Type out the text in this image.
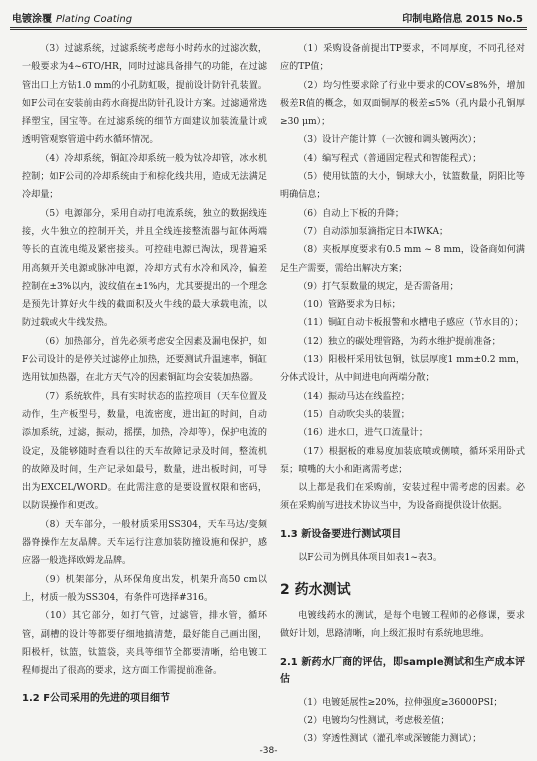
电镀涂覆 Plating Coating	印制电路信息 2015 No.5

（3）过滤系统，过滤系统考虑每小时药水的过滤次数，一般要求为4~6TO/HR，同时过滤具备排气的功能，在过滤管出口上方钻1.0 mm的小孔防虹吸，提前设计防针孔装置。如F公司在安装前由药水商提出防针孔设计方案。过滤通常选择塑宝，国宝等。在过滤系统的细节方面建议加装流量计或透明管观察管道中药水循环情况。

（4）冷却系统，铜缸冷却系统一般为钛冷却管，冰水机控制；如F公司的冷却系统由于和棕化线共用，造成无法满足冷却量；

（5）电源部分，采用自动打电流系统，独立的数据线连接，火牛独立的控制开关，并且全线连接整流器与缸体两端等长的直流电缆及紧密接头。可控硅电源已淘汰，现普遍采用高频开关电源或脉冲电源，冷却方式有水冷和风冷，偏差控制在±3%以内，波纹值在±1%内，尤其要提出的一个理念是预先计算好火牛线的截面积及火牛线的最大承载电流，以防过载或火牛线发热。

（6）加热部分，首先必须考虑安全因素及漏电保护，如F公司设计的是停关过滤停止加热，还要测试升温速率，铜缸选用钛加热器，在北方天气冷的因素铜缸均会安装加热器。

（7）系统软件，具有实时状态的监控项目（天车位置及动作，生产板型号，数量，电流密度，进出缸的时间，自动添加系统，过滤，振动，摇摆，加热，冷却等），保护电流的设定，及能够随时查看以往的天车故障记录及时间，整流机的故障及时间，生产记录如最号，数量，进出板时间，可导出为EXCEL/WORD。在此需注意的是要设置权限和密码，以防误操作和更改。

（8）天车部分，一般材质采用SS304，天车马达/变频器脊操作左友晶牌。天车运行注意加装防撞设施和保护，感应器一般选择欧姆龙品牌。

（9）机架部分，从环保角度出发，机架升高50 cm以上，材质一般为SS304，有条件可选择#316。

（10）其它部分，如打气管，过滤管，排水管，循环管，副槽的设计等都要仔细地搞清楚，最好能自己画出图，阳极杆，钛篮，钛篮袋，夹具等细节全都要清晰，给电镀工程师提出了很高的要求，这方面工作需提前准备。

1.2 F公司采用的先进的项目细节

（1）采购设备前提出TP要求，不同厚度，不同孔径对应的TP值；

（2）均匀性要求除了行业中要求的COV≤8%外，增加极差R值的概念，如双面铜厚的极差≤5%（孔内最小孔铜厚≥30 μm）；

（3）设计产能计算（一次镀和调头镀两次）；

（4）编写程式（普通固定程式和智能程式）；

（5）使用钛篮的大小，铜球大小，钛篮数量，阴阳比等明确信息；

（6）自动上下板的升降；

（7）自动添加泵滴指定日本IWKA；

（8）夹板厚度要求有0.5 mm ~ 8 mm，设备商如何满足生产需要，需给出解决方案；

（9）打气泵数量的规定，是否需备用；

（10）管路要求为日标；

（11）铜缸自动卡板报警和水槽电子感应（节水目的）；

（12）独立的碳处理管路，为药水维护提前准备；

（13）阳极杆采用钛包铜，钛层厚度1 mm±0.2 mm，分体式设计，从中间进电向两端分散；

（14）振动马达在线监控；

（15）自动吹尖头的装置；

（16）进水口，进气口流量计；

（17）根据板的难易度加装底喷或侧喷，循环采用卧式泵；喷嘴的大小和距离需考虑；

以上都是我们在采购前，安装过程中需考虑的因素。必须在采购前写进技术协议当中，为设备商提供设计依据。

1.3 新设备要进行测试项目

以F公司为例具体项目如表1~表3。

2 药水测试

电镀线药水的测试，是每个电镀工程师的必修课，要求做好计划，思路清晰，向上级汇报时有系统地思维。

2.1 新药水厂商的评估，即sample测试和生产成本评估

（1）电镀延展性≥20%，拉伸强度≥36000PSI；

（2）电镀均匀性测试，考虑极差值；

（3）穿透性测试（灌孔率或深镀能力测试）；

-38-
